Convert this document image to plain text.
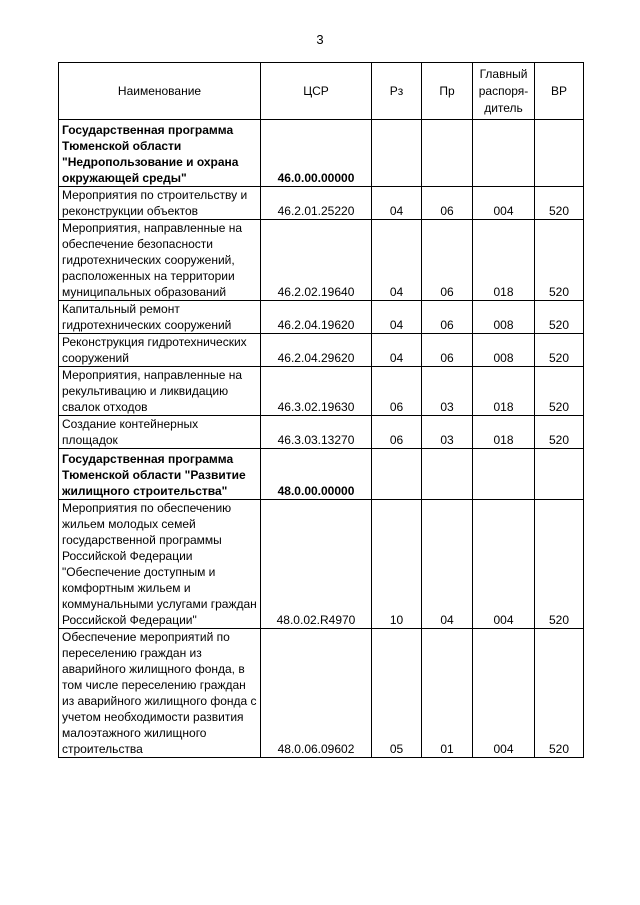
3
Наименование	ЦСР	Рз	Пр	Главный распоря-дитель	ВР
Государственная программа Тюменской области "Недропользование и охрана окружающей среды"	46.0.00.00000				
Мероприятия по строительству и реконструкции объектов	46.2.01.25220	04	06	004	520
Мероприятия, направленные на обеспечение безопасности гидротехнических сооружений, расположенных на территории муниципальных образований	46.2.02.19640	04	06	018	520
Капитальный ремонт гидротехнических сооружений	46.2.04.19620	04	06	008	520
Реконструкция гидротехнических сооружений	46.2.04.29620	04	06	008	520
Мероприятия, направленные на рекультивацию и ликвидацию свалок отходов	46.3.02.19630	06	03	018	520
Создание контейнерных площадок	46.3.03.13270	06	03	018	520
Государственная программа Тюменской области "Развитие жилищного строительства"	48.0.00.00000				
Мероприятия по обеспечению жильем молодых семей государственной программы Российской Федерации "Обеспечение доступным и комфортным жильем и коммунальными услугами граждан Российской Федерации"	48.0.02.R4970	10	04	004	520
Обеспечение мероприятий по переселению граждан из аварийного жилищного фонда, в том числе переселению граждан из аварийного жилищного фонда с учетом необходимости развития малоэтажного жилищного строительства	48.0.06.09602	05	01	004	520
